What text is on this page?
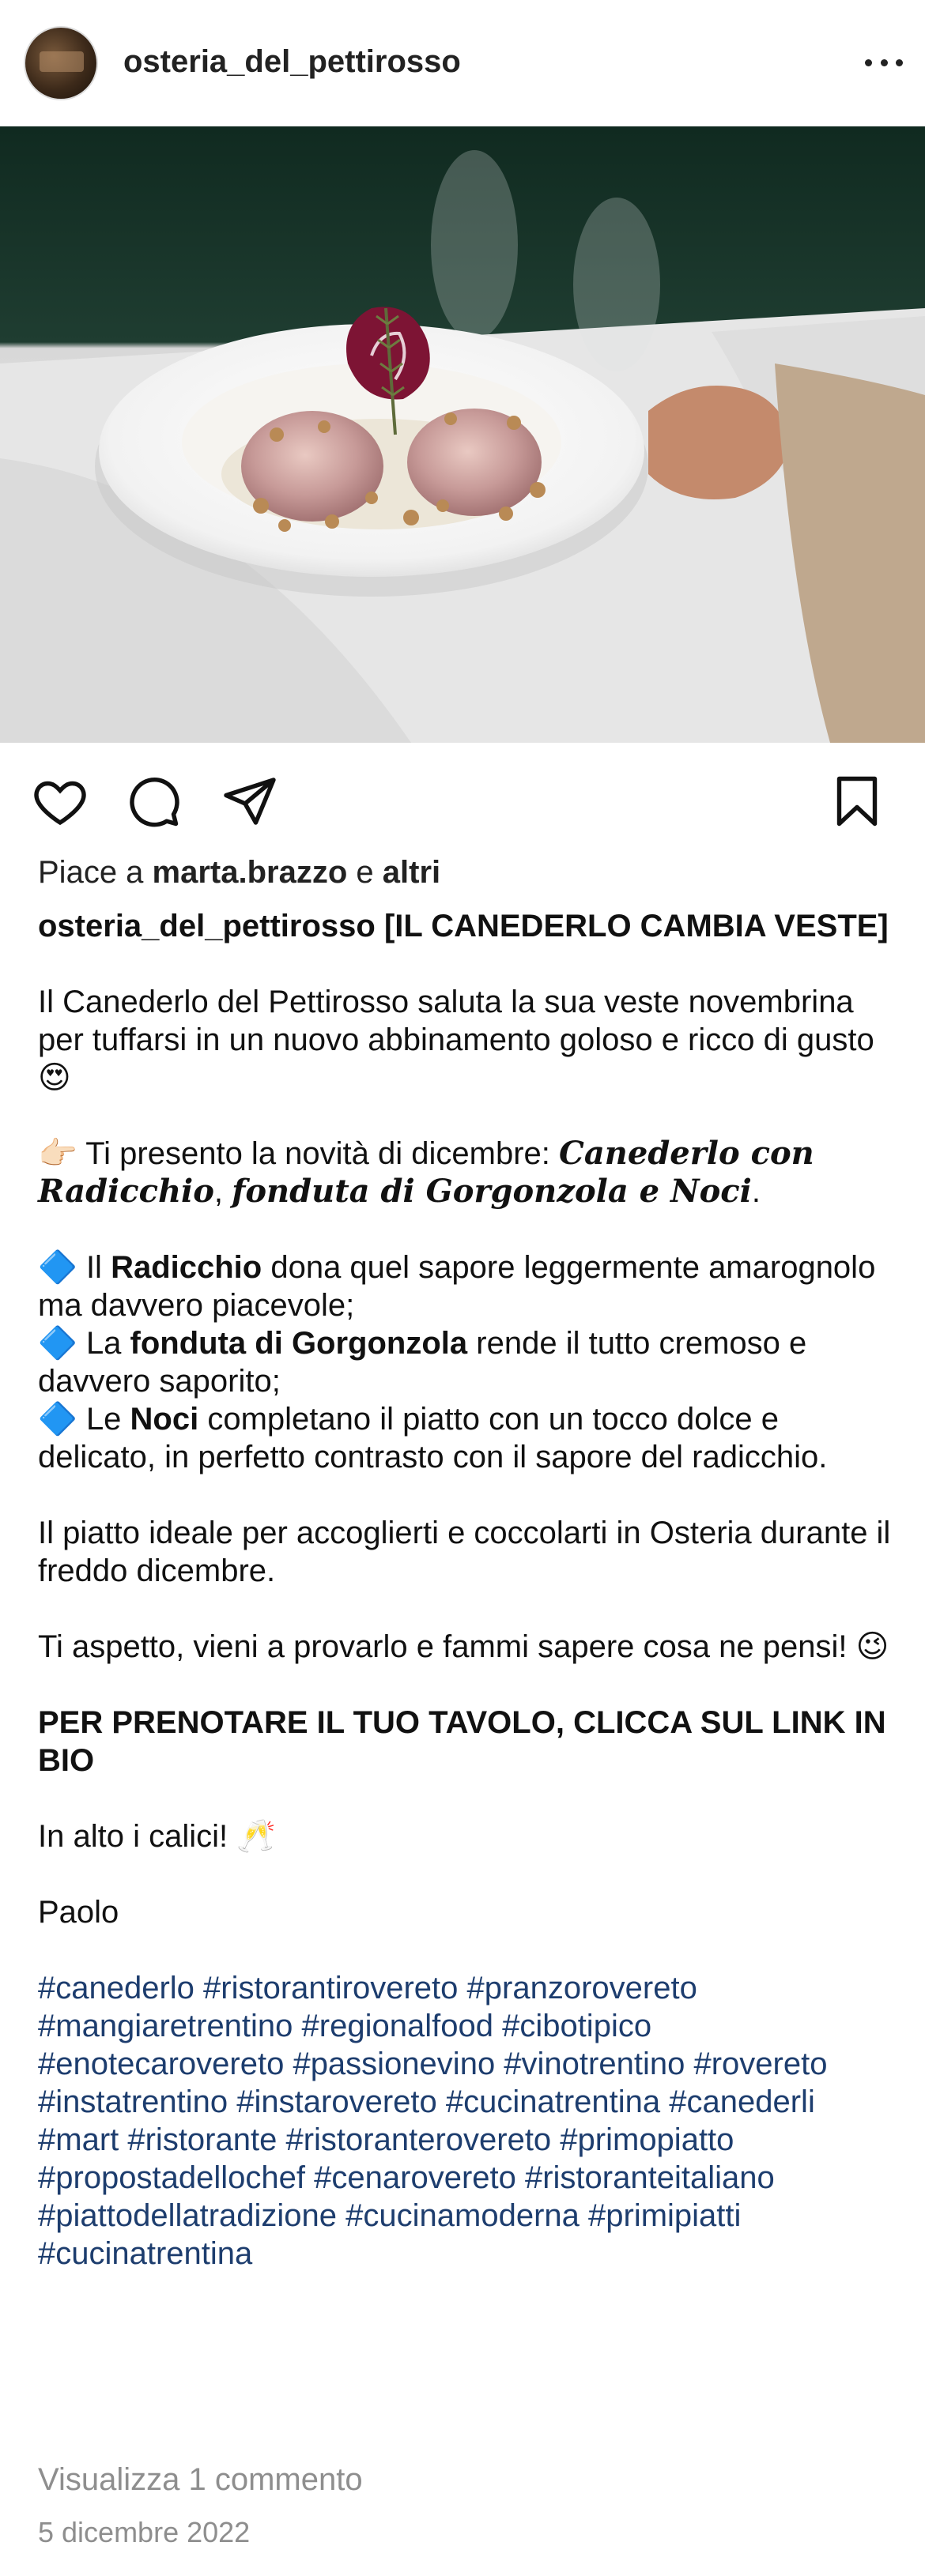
osteria_del_pettirosso
Piace a marta.brazzo e altri

osteria_del_pettirosso [IL CANEDERLO CAMBIA VESTE]

Il Canederlo del Pettirosso saluta la sua veste novembrina per tuffarsi in un nuovo abbinamento goloso e ricco di gusto 😍

👉🏻 Ti presento la novità di dicembre: Canederlo con Radicchio, fonduta di Gorgonzola e Noci.

🔷 Il Radicchio dona quel sapore leggermente amarognolo ma davvero piacevole;
🔷 La fonduta di Gorgonzola rende il tutto cremoso e davvero saporito;
🔷 Le Noci completano il piatto con un tocco dolce e delicato, in perfetto contrasto con il sapore del radicchio.

Il piatto ideale per accoglierti e coccolarti in Osteria durante il freddo dicembre.

Ti aspetto, vieni a provarlo e fammi sapere cosa ne pensi! 😉

PER PRENOTARE IL TUO TAVOLO, CLICCA SUL LINK IN BIO

In alto i calici! 🥂

Paolo

#canederlo #ristorantirovereto #pranzorovereto #mangiaretrentino #regionalfood #cibotipico #enotecarovereto #passionevino #vinotrentino #rovereto #instatrentino #instarovereto #cucinatrentina #canederli #mart #ristorante #ristoranterovereto #primopiatto #propostadellochef #cenarovereto #ristoranteitaliano #piattodellatradizione #cucinamoderna #primipiatti #cucinatrentina

Visualizza 1 commento
5 dicembre 2022
